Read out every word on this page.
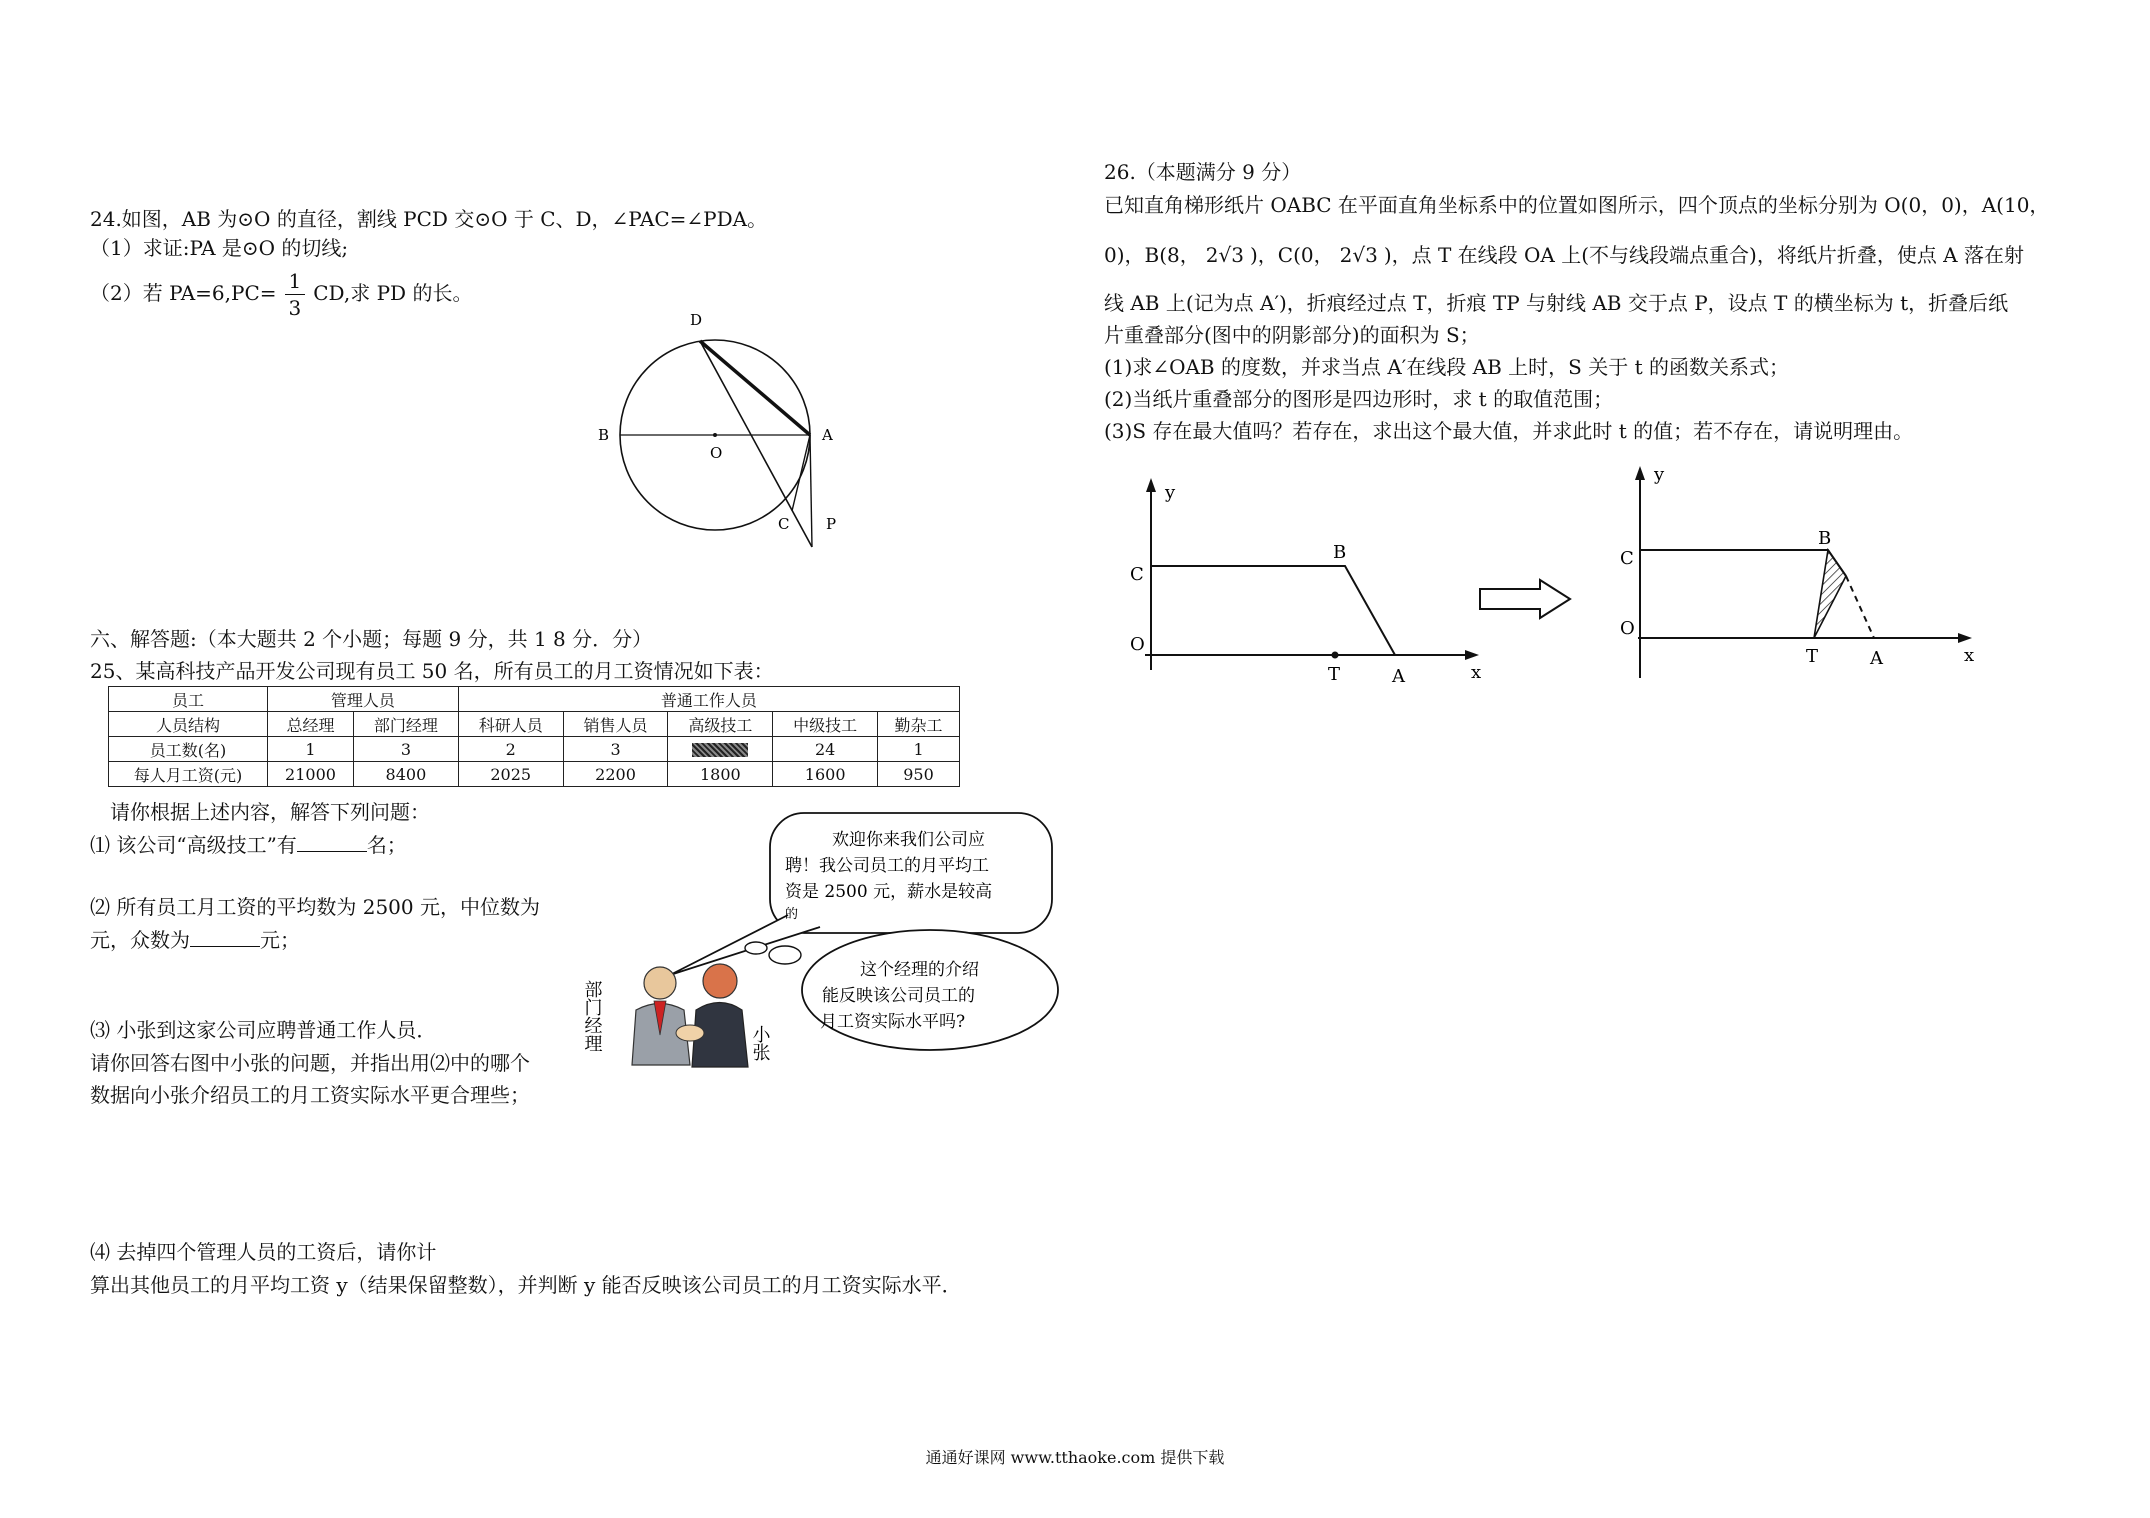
24.如图，AB 为⊙O 的直径，割线 PCD 交⊙O 于 C、D，∠PAC=∠PDA。
（1）求证:PA 是⊙O 的切线;
（2）若 $PA=6,PC= \frac{1}{3}$ CD,求 PD 的长。
D
B
O
A
C P
六、解答题:（本大题共 2 个小题；每题 9 分，共 1 8 分．分）
25、某高科技产品开发公司现有员工 50 名，所有员工的月工资情况如下表：
员工	管理人员		普通工作人员				
人员结构	总经理	部门经理	科研人员	销售人员	高级技工	中级技工	勤杂工
员工数(名)	1	3	2	3		24	1
每人月工资(元)	21000	8400	2025	2200	1800	1600	950
请你根据上述内容，解答下列问题：
⑴ 该公司“高级技工”有	名；
⑵ 所有员工月工资的平均数为 2500 元，中位数为
元，众数为	元；
⑶ 小张到这家公司应聘普通工作人员．
请你回答右图中小张的问题，并指出用⑵中的哪个
数据向小张介绍员工的月工资实际水平更合理些；
⑷ 去掉四个管理人员的工资后，请你计
算出其他员工的月平均工资 y（结果保留整数），并判断 y 能否反映该公司员工的月工资实际水平．
欢迎你来我们公司应 聘！我公司员工的月平均工 资是 2500 元，薪水是较高 的
这个经理的介绍 能反映该公司员工的 月工资实际水平吗?
部门经理	小张
26.（本题满分 9 分）
已知直角梯形纸片 OABC 在平面直角坐标系中的位置如图所示，四个顶点的坐标分别为 O(0，0)，A(10，
0)，B(8， 2√3 )，C(0， 2√3 )，点 T 在线段 OA 上(不与线段端点重合)，将纸片折叠，使点 A 落在射
线 AB 上(记为点 A′)，折痕经过点 T，折痕 TP 与射线 AB 交于点 P，设点 T 的横坐标为 t，折叠后纸
片重叠部分(图中的阴影部分)的面积为 S；
(1)求∠OAB 的度数，并求当点 A′在线段 AB 上时，S 关于 t 的函数关系式；
(2)当纸片重叠部分的图形是四边形时，求 t 的取值范围；
(3)S 存在最大值吗？若存在，求出这个最大值，并求此时 t 的值；若不存在，请说明理由。
y
C
B
O
T	A	x
y
C
B
O
T	A	x
通通好课网 www.tthaoke.com 提供下载
